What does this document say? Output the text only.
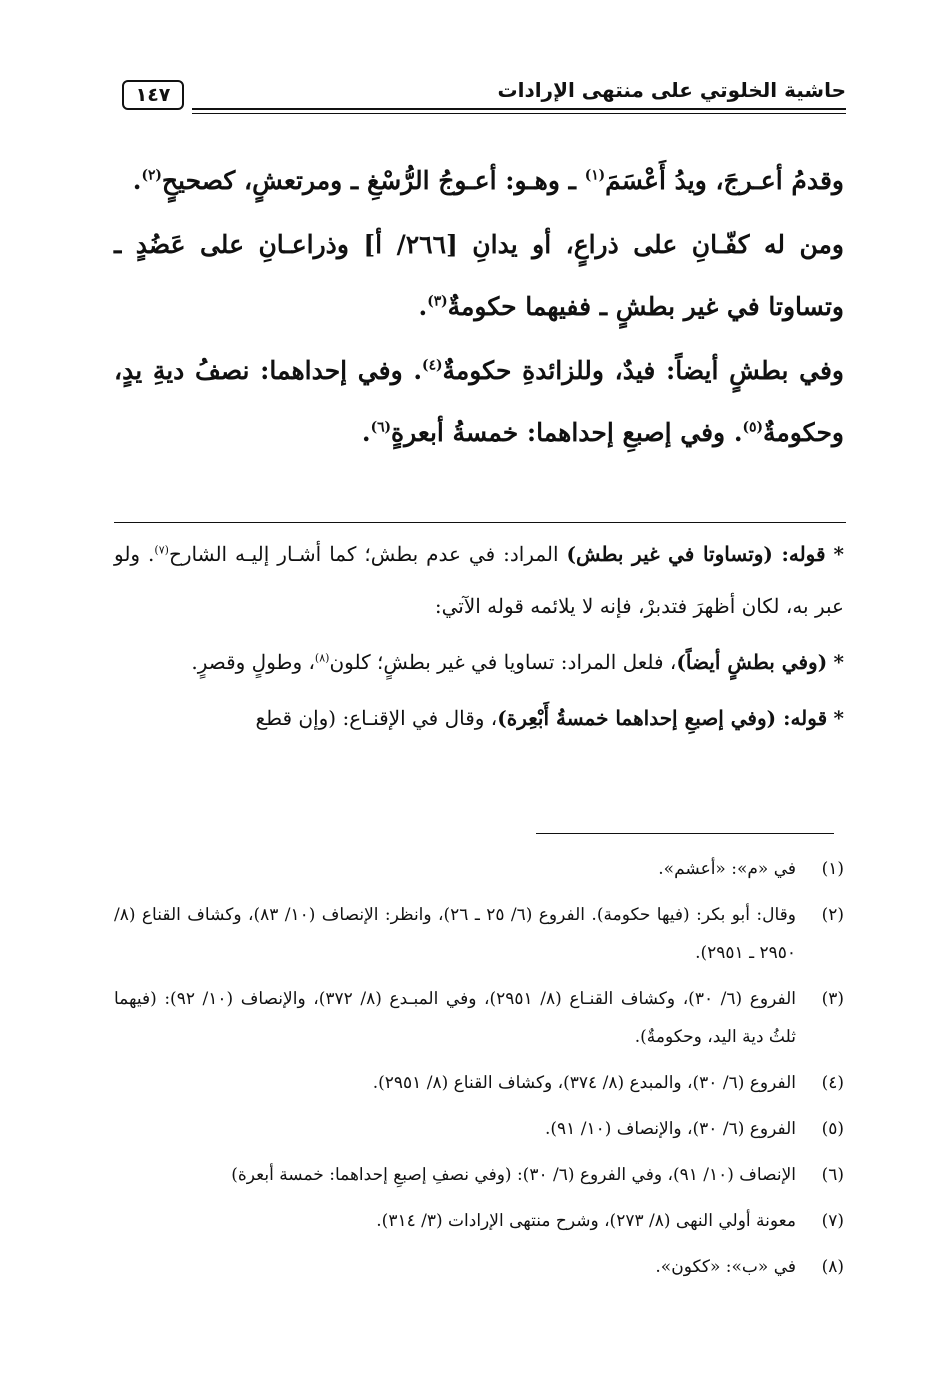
١٤٧	حاشية الخلوتي على منتهى الإرادات

وقدمُ أعـرجَ، ويدُ أَعْسَمَ$^{(١)}$ ـ وهـو: أعـوجُ الرُّسْغِ ـ ومرتعشٍ، كصحيحٍ$^{(٢)}$.

ومن له كفّـانِ على ذراعٍ، أو يدانِ [٢٦٦/ أ] وذراعـانِ على عَضُدٍ ـ وتساوتا في غير بطشٍ ـ ففيهما حكومةٌ$^{(٣)}$.

وفي بطشٍ أيضاً: فيدٌ، وللزائدةِ حكومةٌ$^{(٤)}$. وفي إحداهما: نصفُ ديةِ يدٍ، وحكومةٌ$^{(٥)}$. وفي إصبعِ إحداهما: خمسةُ أبعرةٍ$^{(٦)}$.

* قوله: (وتساوتا في غير بطش) المراد: في عدم بطش؛ كما أشـار إليـه الشارح$^{(٧)}$. ولو عبر به، لكان أظهرَ فتدبرْ، فإنه لا يلائمه قوله الآتي:

* (وفي بطشٍ أيضاً)، فلعل المراد: تساويا في غير بطشٍ؛ كلون$^{(٨)}$، وطولٍ وقصرٍ.

* قوله: (وفي إصبعِ إحداهما خمسةُ أَبْعِرة)، وقال في الإقنـاع: (وإن قطع

(١)
في «م»: «أعشم».
(٢)
وقال: أبو بكر: (فيها حكومة). الفروع (٦/ ٢٥ ـ ٢٦)، وانظر: الإنصاف (١٠/ ٨٣)، وكشاف القناع (٨/ ٢٩٥٠ ـ ٢٩٥١).
(٣)
الفروع (٦/ ٣٠)، وكشاف القنـاع (٨/ ٢٩٥١)، وفي المبـدع (٨/ ٣٧٢)، والإنصاف (١٠/ ٩٢): (فيهما ثلثُ دية اليد، وحكومةٌ).
(٤)
الفروع (٦/ ٣٠)، والمبدع (٨/ ٣٧٤)، وكشاف القناع (٨/ ٢٩٥١).
(٥)
الفروع (٦/ ٣٠)، والإنصاف (١٠/ ٩١).
(٦)
الإنصاف (١٠/ ٩١)، وفي الفروع (٦/ ٣٠): (وفي نصفِ إصبعِ إحداهما: خمسة أبعرة)
(٧)
معونة أولي النهى (٨/ ٢٧٣)، وشرح منتهى الإرادات (٣/ ٣١٤).
(٨)
في «ب»: «ككون».
